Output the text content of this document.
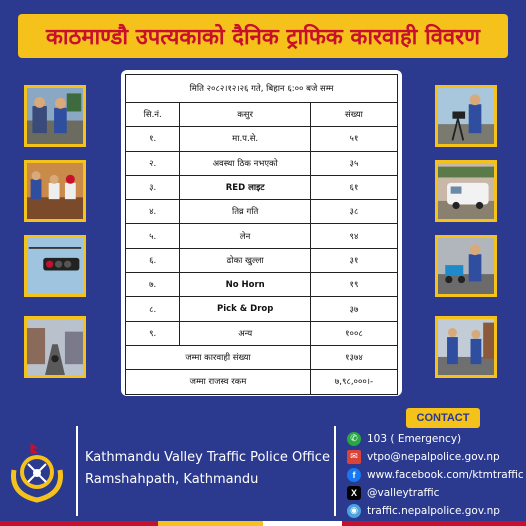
काठमाण्डौ उपत्यकाको दैनिक ट्राफिक कारवाही विवरण
मिति २०८२।१२।२६ गते, बिहान ६:०० बजे सम्म		
सि.नं.	कसुर	संख्या
१.	मा.प.से.	५१
२.	अवस्था ठिक नभएको	३५
३.	RED लाइट	६१
४.	तिव्र गति	३८
५.	लेन	९४
६.	ढोका खुल्ला	३१
७.	No Horn	१९
८.	Pick & Drop	३७
९.	अन्य	१००८
जम्मा कारवाही संख्या		१३७४
जम्मा राजस्व रकम		७,९८,०००।-
CONTACT
Kathmandu Valley Traffic Police Office
Ramshahpath, Kathmandu
✆ 103 ( Emergency)
✉ vtpo@nepalpolice.gov.np
f	www.facebook.com/ktmtraffic
X @valleytraffic
◉ traffic.nepalpolice.gov.np
